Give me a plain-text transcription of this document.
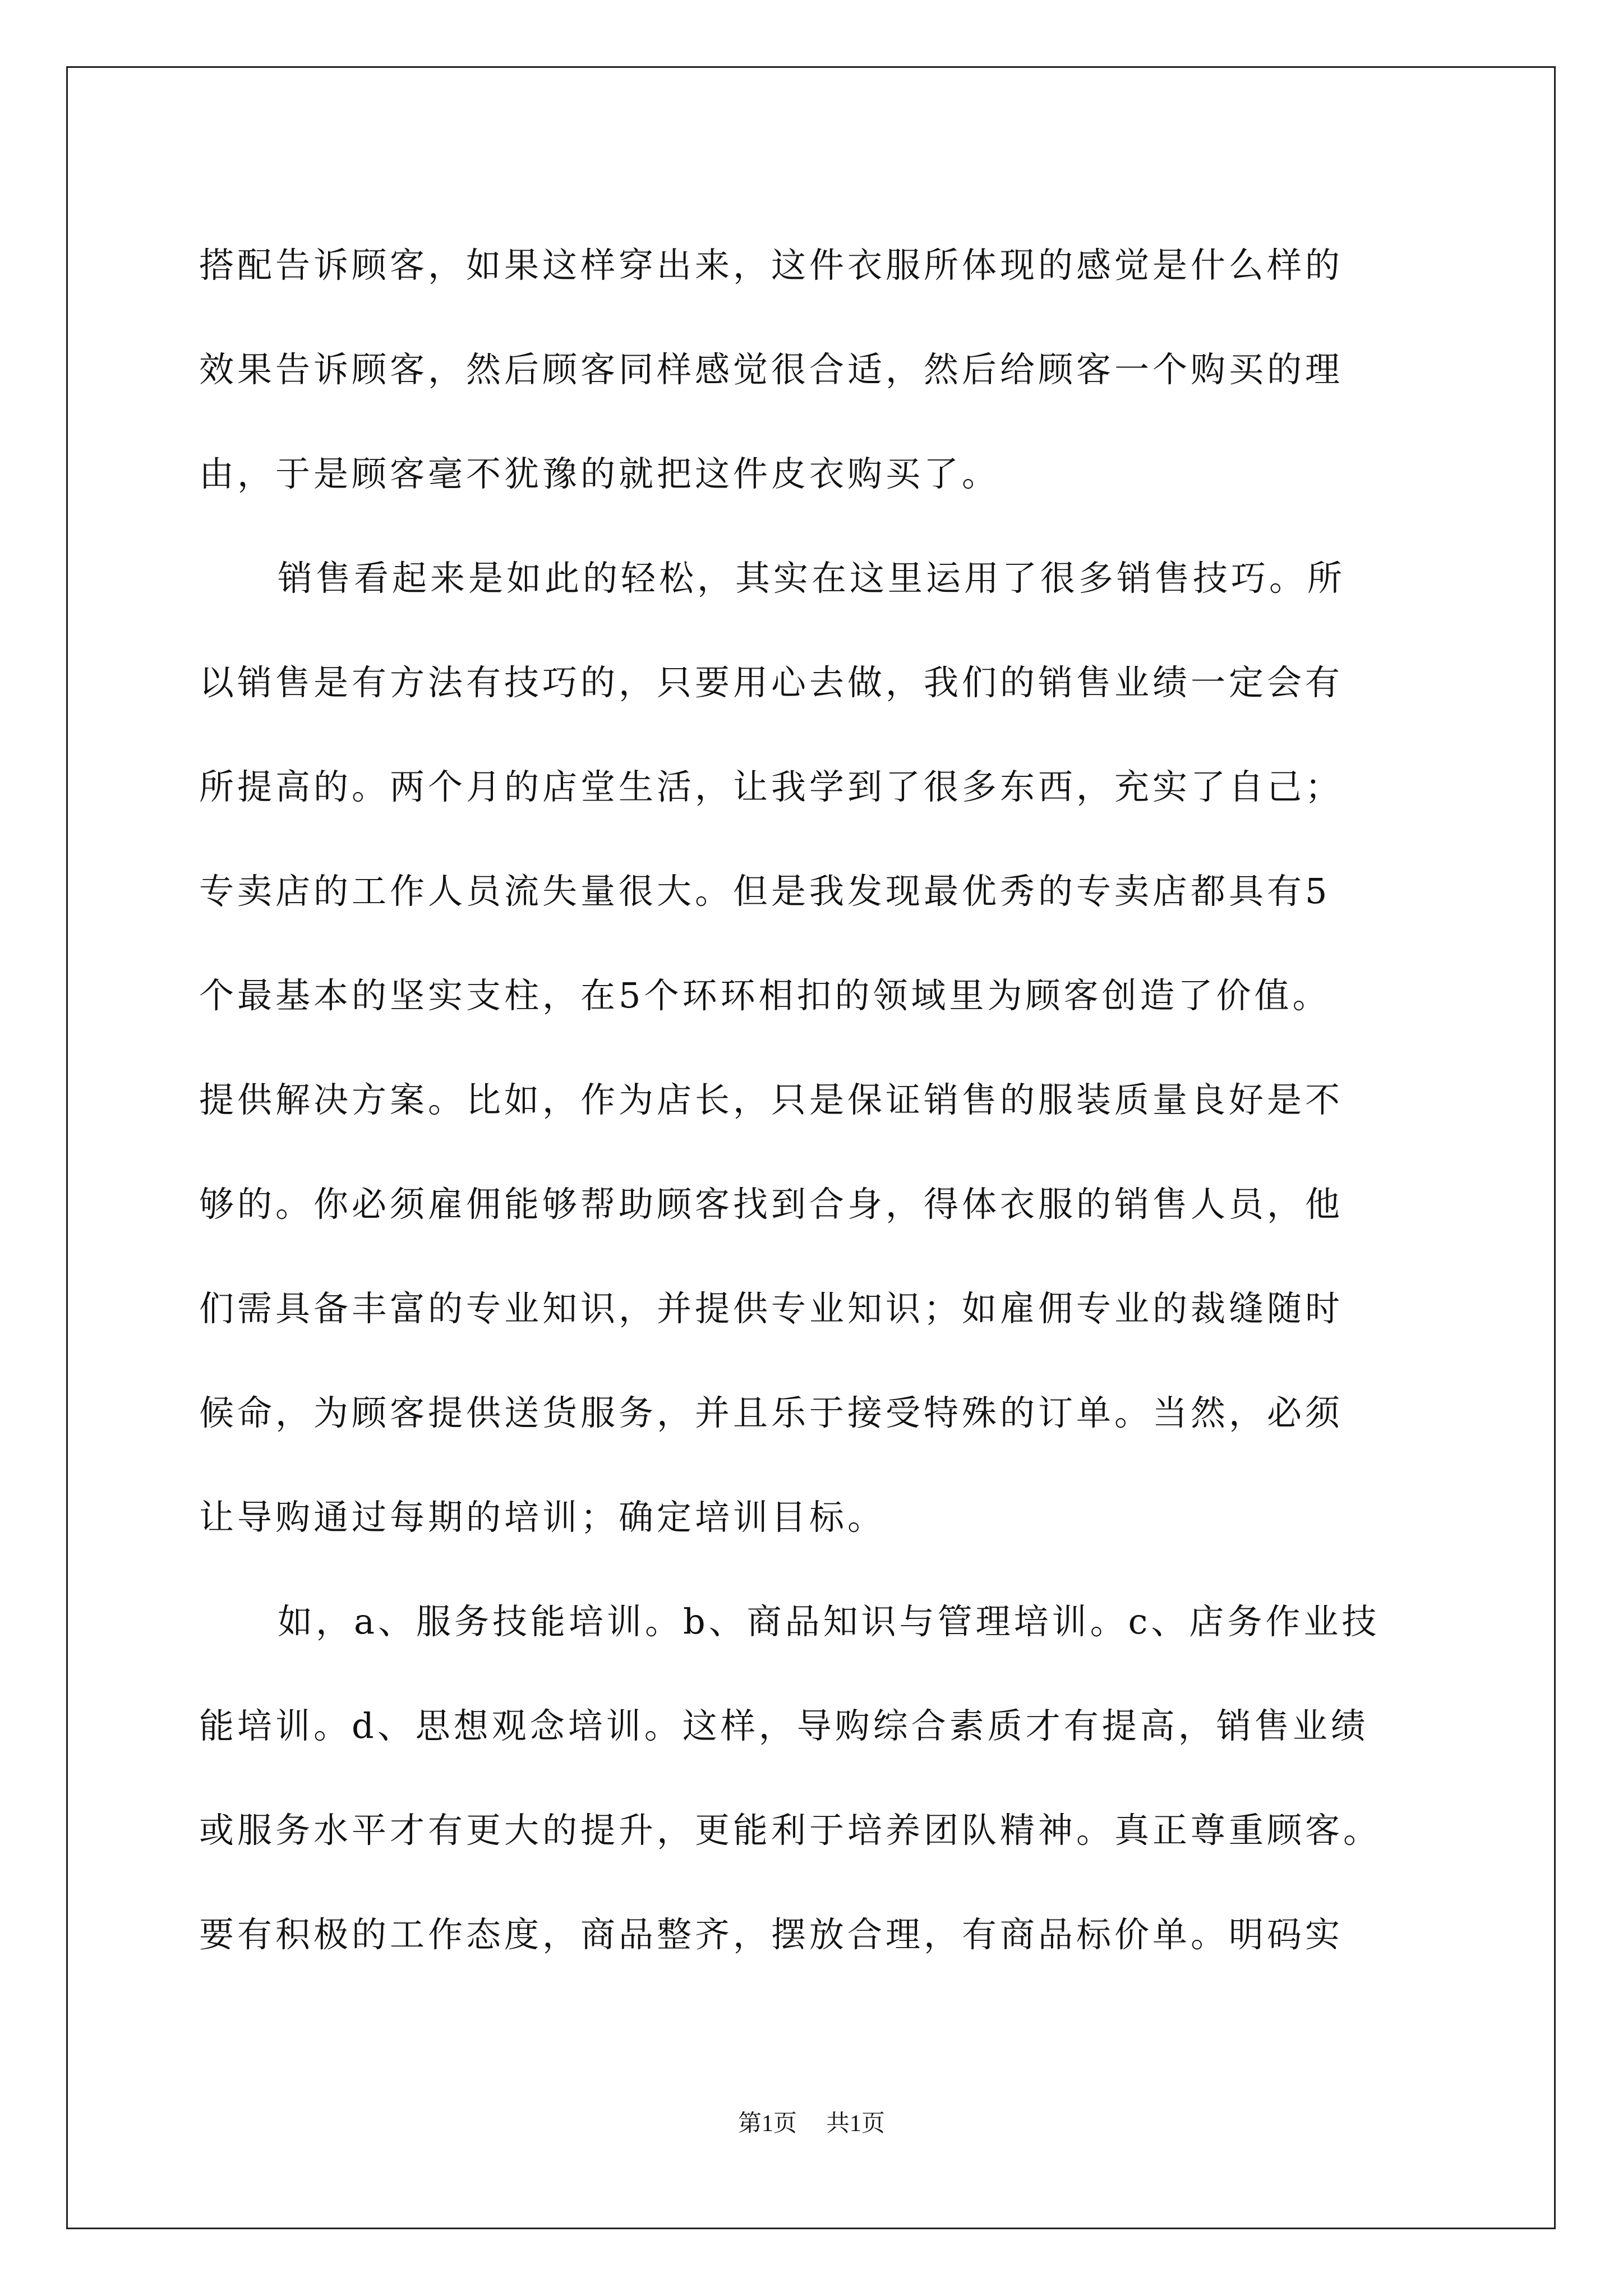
搭配告诉顾客，如果这样穿出来，这件衣服所体现的感觉是什么样的
效果告诉顾客，然后顾客同样感觉很合适，然后给顾客一个购买的理
由，于是顾客毫不犹豫的就把这件皮衣购买了。

销售看起来是如此的轻松，其实在这里运用了很多销售技巧。所
以销售是有方法有技巧的，只要用心去做，我们的销售业绩一定会有
所提高的。两个月的店堂生活，让我学到了很多东西，充实了自己；
专卖店的工作人员流失量很大。但是我发现最优秀的专卖店都具有5
个最基本的坚实支柱，在5个环环相扣的领域里为顾客创造了价值。
提供解决方案。比如，作为店长，只是保证销售的服装质量良好是不
够的。你必须雇佣能够帮助顾客找到合身，得体衣服的销售人员，他
们需具备丰富的专业知识，并提供专业知识；如雇佣专业的裁缝随时
候命，为顾客提供送货服务，并且乐于接受特殊的订单。当然，必须
让导购通过每期的培训；确定培训目标。

如，a、服务技能培训。b、商品知识与管理培训。c、店务作业技
能培训。d、思想观念培训。这样，导购综合素质才有提高，销售业绩
或服务水平才有更大的提升，更能利于培养团队精神。真正尊重顾客。
要有积极的工作态度，商品整齐，摆放合理，有商品标价单。明码实

第1页 共1页
